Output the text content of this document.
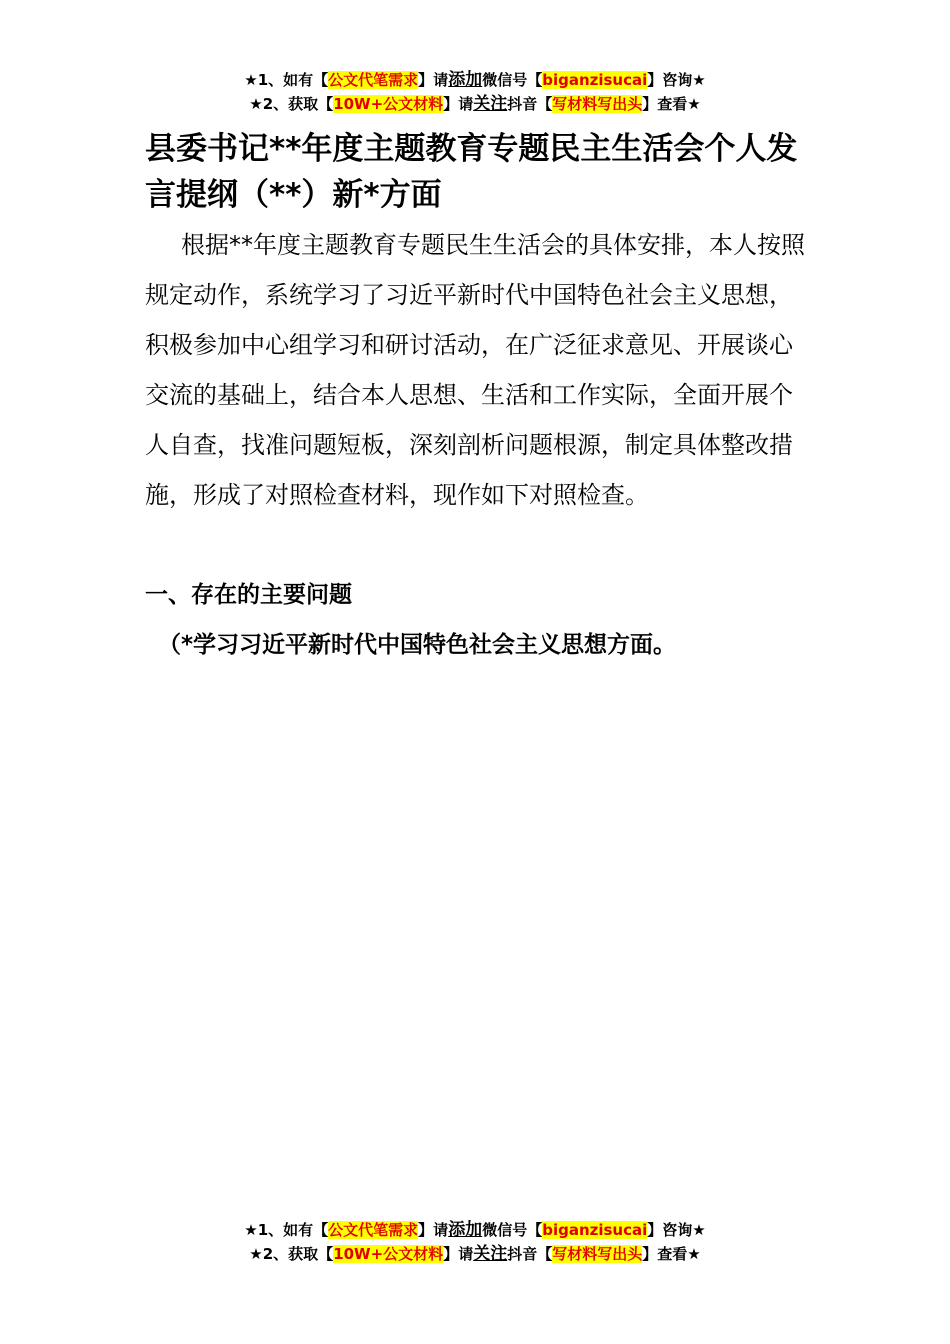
★1、如有【公文代笔需求】请添加微信号【biganzisucai】咨询★
★2、获取【10W+公文材料】请关注抖音【写材料写出头】查看★
县委书记**年度主题教育专题民主生活会个人发言提纲（**）新*方面

根据**年度主题教育专题民生生活会的具体安排，本人按照规定动作，系统学习了习近平新时代中国特色社会主义思想，积极参加中心组学习和研讨活动，在广泛征求意见、开展谈心交流的基础上，结合本人思想、生活和工作实际，全面开展个人自查，找准问题短板，深刻剖析问题根源，制定具体整改措施，形成了对照检查材料，现作如下对照检查。

一、存在的主要问题

（*学习习近平新时代中国特色社会主义思想方面。

★1、如有【公文代笔需求】请添加微信号【biganzisucai】咨询★
★2、获取【10W+公文材料】请关注抖音【写材料写出头】查看★
